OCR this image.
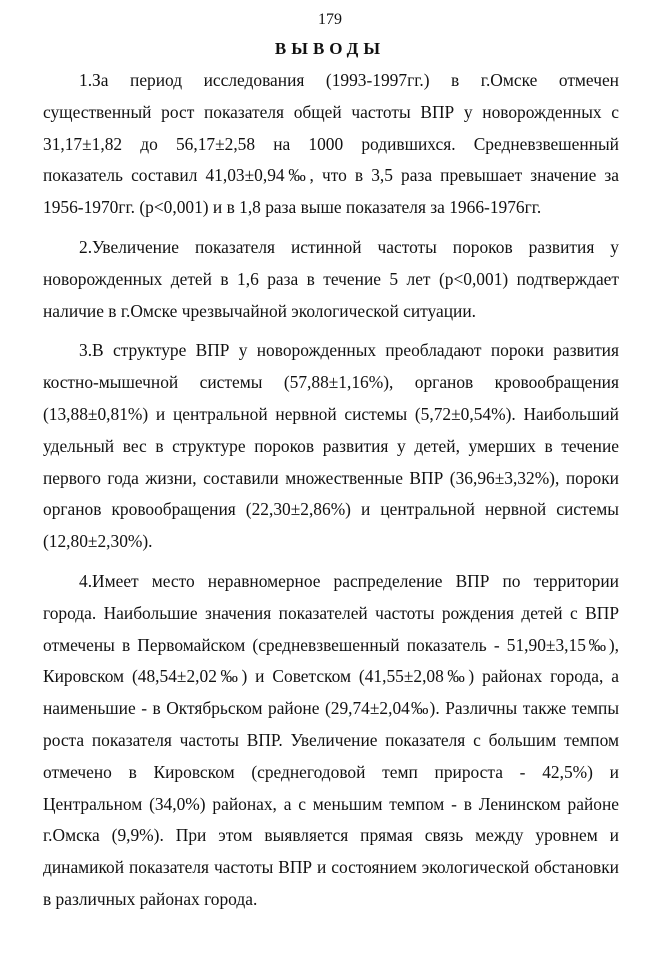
179
ВЫВОДЫ

1.За период исследования (1993-1997гг.) в г.Омске отмечен существенный рост показателя общей частоты ВПР у новорожденных с 31,17±1,82 до 56,17±2,58 на 1000 родившихся. Средневзвешенный показатель составил 41,03±0,94‰, что в 3,5 раза превышает значение за 1956-1970гг. (p<0,001) и в 1,8 раза выше показателя за 1966-1976гг.

2.Увеличение показателя истинной частоты пороков развития у новорожденных детей в 1,6 раза в течение 5 лет (p<0,001) подтверждает наличие в г.Омске чрезвычайной экологической ситуации.

3.В структуре ВПР у новорожденных преобладают пороки развития костно-мышечной системы (57,88±1,16%), органов кровообращения (13,88±0,81%) и центральной нервной системы (5,72±0,54%). Наибольший удельный вес в структуре пороков развития у детей, умерших в течение первого года жизни, составили множественные ВПР (36,96±3,32%), пороки органов кровообращения (22,30±2,86%) и центральной нервной системы (12,80±2,30%).

4.Имеет место неравномерное распределение ВПР по территории города. Наибольшие значения показателей частоты рождения детей с ВПР отмечены в Первомайском (средневзвешенный показатель - 51,90±3,15‰), Кировском (48,54±2,02‰) и Советском (41,55±2,08‰) районах города, а наименьшие - в Октябрьском районе (29,74±2,04‰). Различны также темпы роста показателя частоты ВПР. Увеличение показателя с большим темпом отмечено в Кировском (среднегодовой темп прироста - 42,5%) и Центральном (34,0%) районах, а с меньшим темпом - в Ленинском районе г.Омска (9,9%). При этом выявляется прямая связь между уровнем и динамикой показателя частоты ВПР и состоянием экологической обстановки в различных районах города.
